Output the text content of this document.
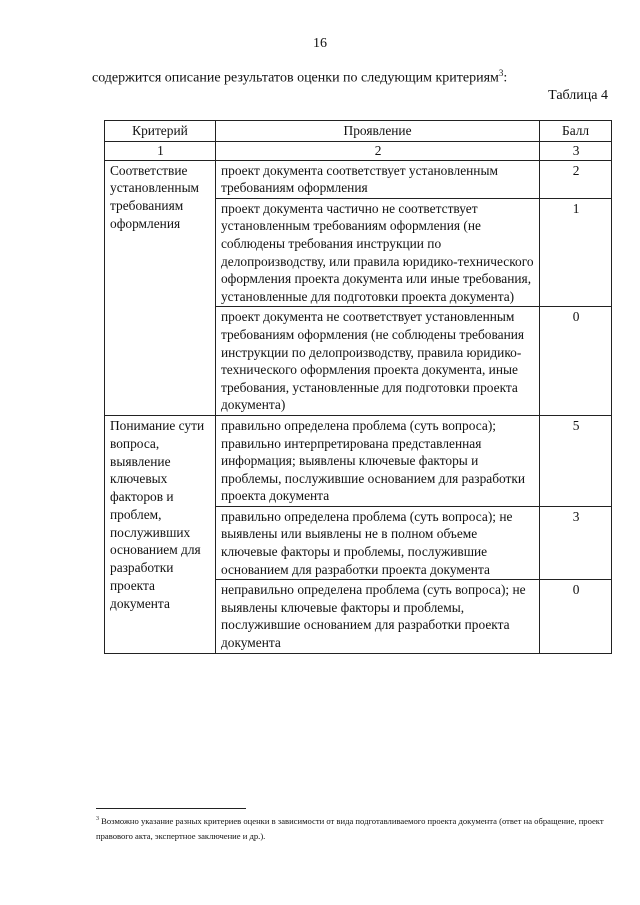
16
содержится описание результатов оценки по следующим критериям$^3$:
Таблица 4
Критерий	Проявление	Балл
1	2	3
Соответствие установленным требованиям оформления	проект документа соответствует установленным требованиям оформления	2
	проект документа частично не соответствует установленным требованиям оформления (не соблюдены требования инструкции по делопроизводству, или правила юридико-технического оформления проекта документа или иные требования, установленные для подготовки проекта документа)	1
	проект документа не соответствует установленным требованиям оформления (не соблюдены требования инструкции по делопроизводству, правила юридико-технического оформления проекта документа, иные требования, установленные для подготовки проекта документа)	0
Понимание сути вопроса, выявление ключевых факторов и проблем, послуживших основанием для разработки проекта документа	правильно определена проблема (суть вопроса); правильно интерпретирована представленная информация; выявлены ключевые факторы и проблемы, послужившие основанием для разработки проекта документа	5
	правильно определена проблема (суть вопроса); не выявлены или выявлены не в полном объеме ключевые факторы и проблемы, послужившие основанием для разработки проекта документа	3
	неправильно определена проблема (суть вопроса); не выявлены ключевые факторы и проблемы, послужившие основанием для разработки проекта документа	0
$^3$ Возможно указание разных критериев оценки в зависимости от вида подготавливаемого проекта документа (ответ на обращение, проект правового акта, экспертное заключение и др.).
